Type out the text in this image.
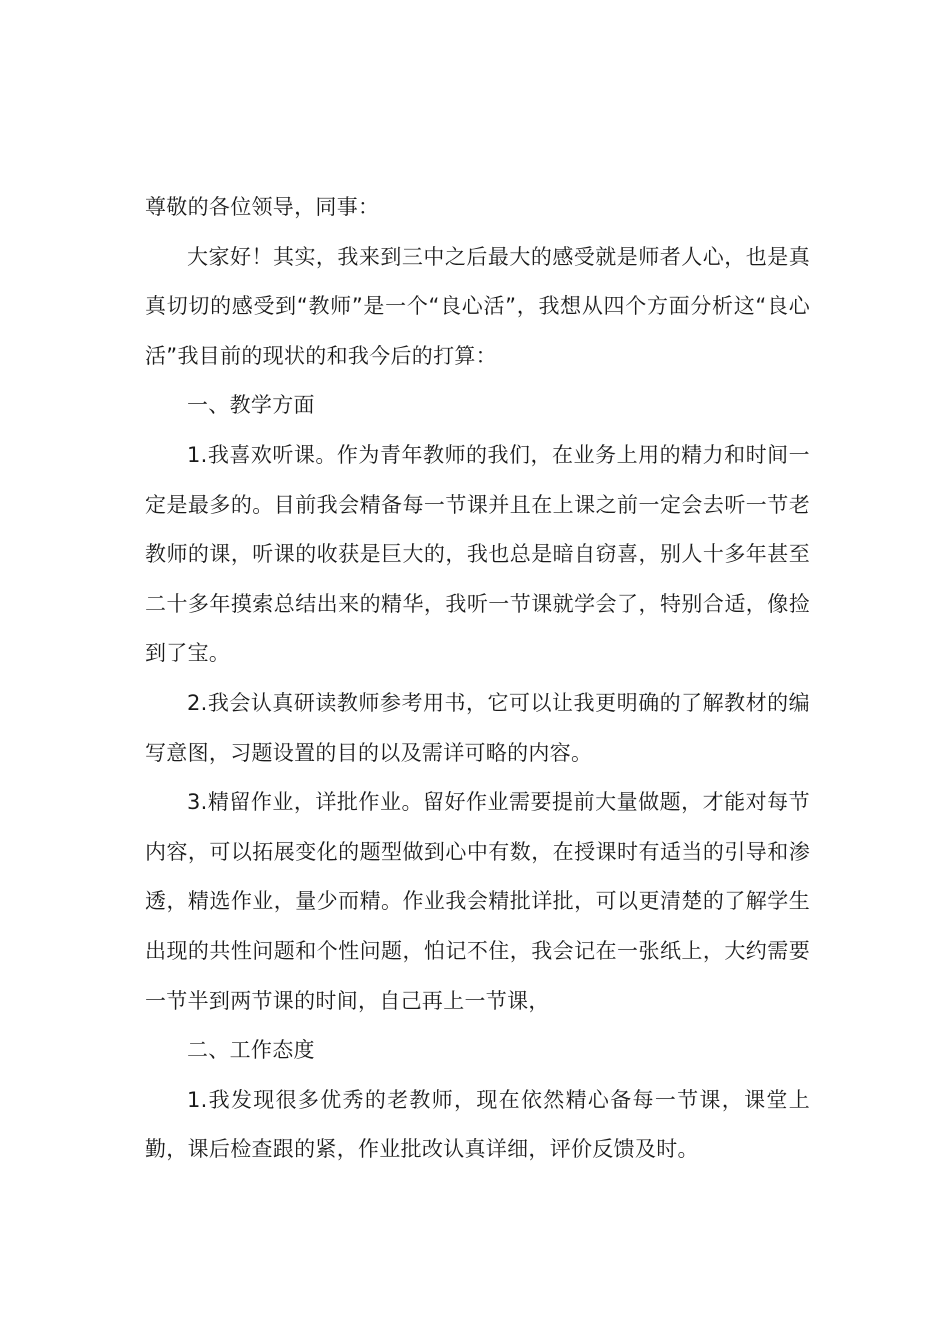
尊敬的各位领导，同事：

大家好！其实，我来到三中之后最大的感受就是师者人心，也是真真切切的感受到“教师”是一个“良心活”，我想从四个方面分析这“良心活”我目前的现状的和我今后的打算：

一、教学方面

1.我喜欢听课。作为青年教师的我们，在业务上用的精力和时间一定是最多的。目前我会精备每一节课并且在上课之前一定会去听一节老教师的课，听课的收获是巨大的，我也总是暗自窃喜，别人十多年甚至二十多年摸索总结出来的精华，我听一节课就学会了，特别合适，像捡到了宝。

2.我会认真研读教师参考用书，它可以让我更明确的了解教材的编写意图，习题设置的目的以及需详可略的内容。

3.精留作业，详批作业。留好作业需要提前大量做题，才能对每节内容，可以拓展变化的题型做到心中有数，在授课时有适当的引导和渗透，精选作业，量少而精。作业我会精批详批，可以更清楚的了解学生出现的共性问题和个性问题，怕记不住，我会记在一张纸上，大约需要一节半到两节课的时间，自己再上一节课，

二、工作态度

1.我发现很多优秀的老教师，现在依然精心备每一节课，课堂上勤，课后检查跟的紧，作业批改认真详细，评价反馈及时。
